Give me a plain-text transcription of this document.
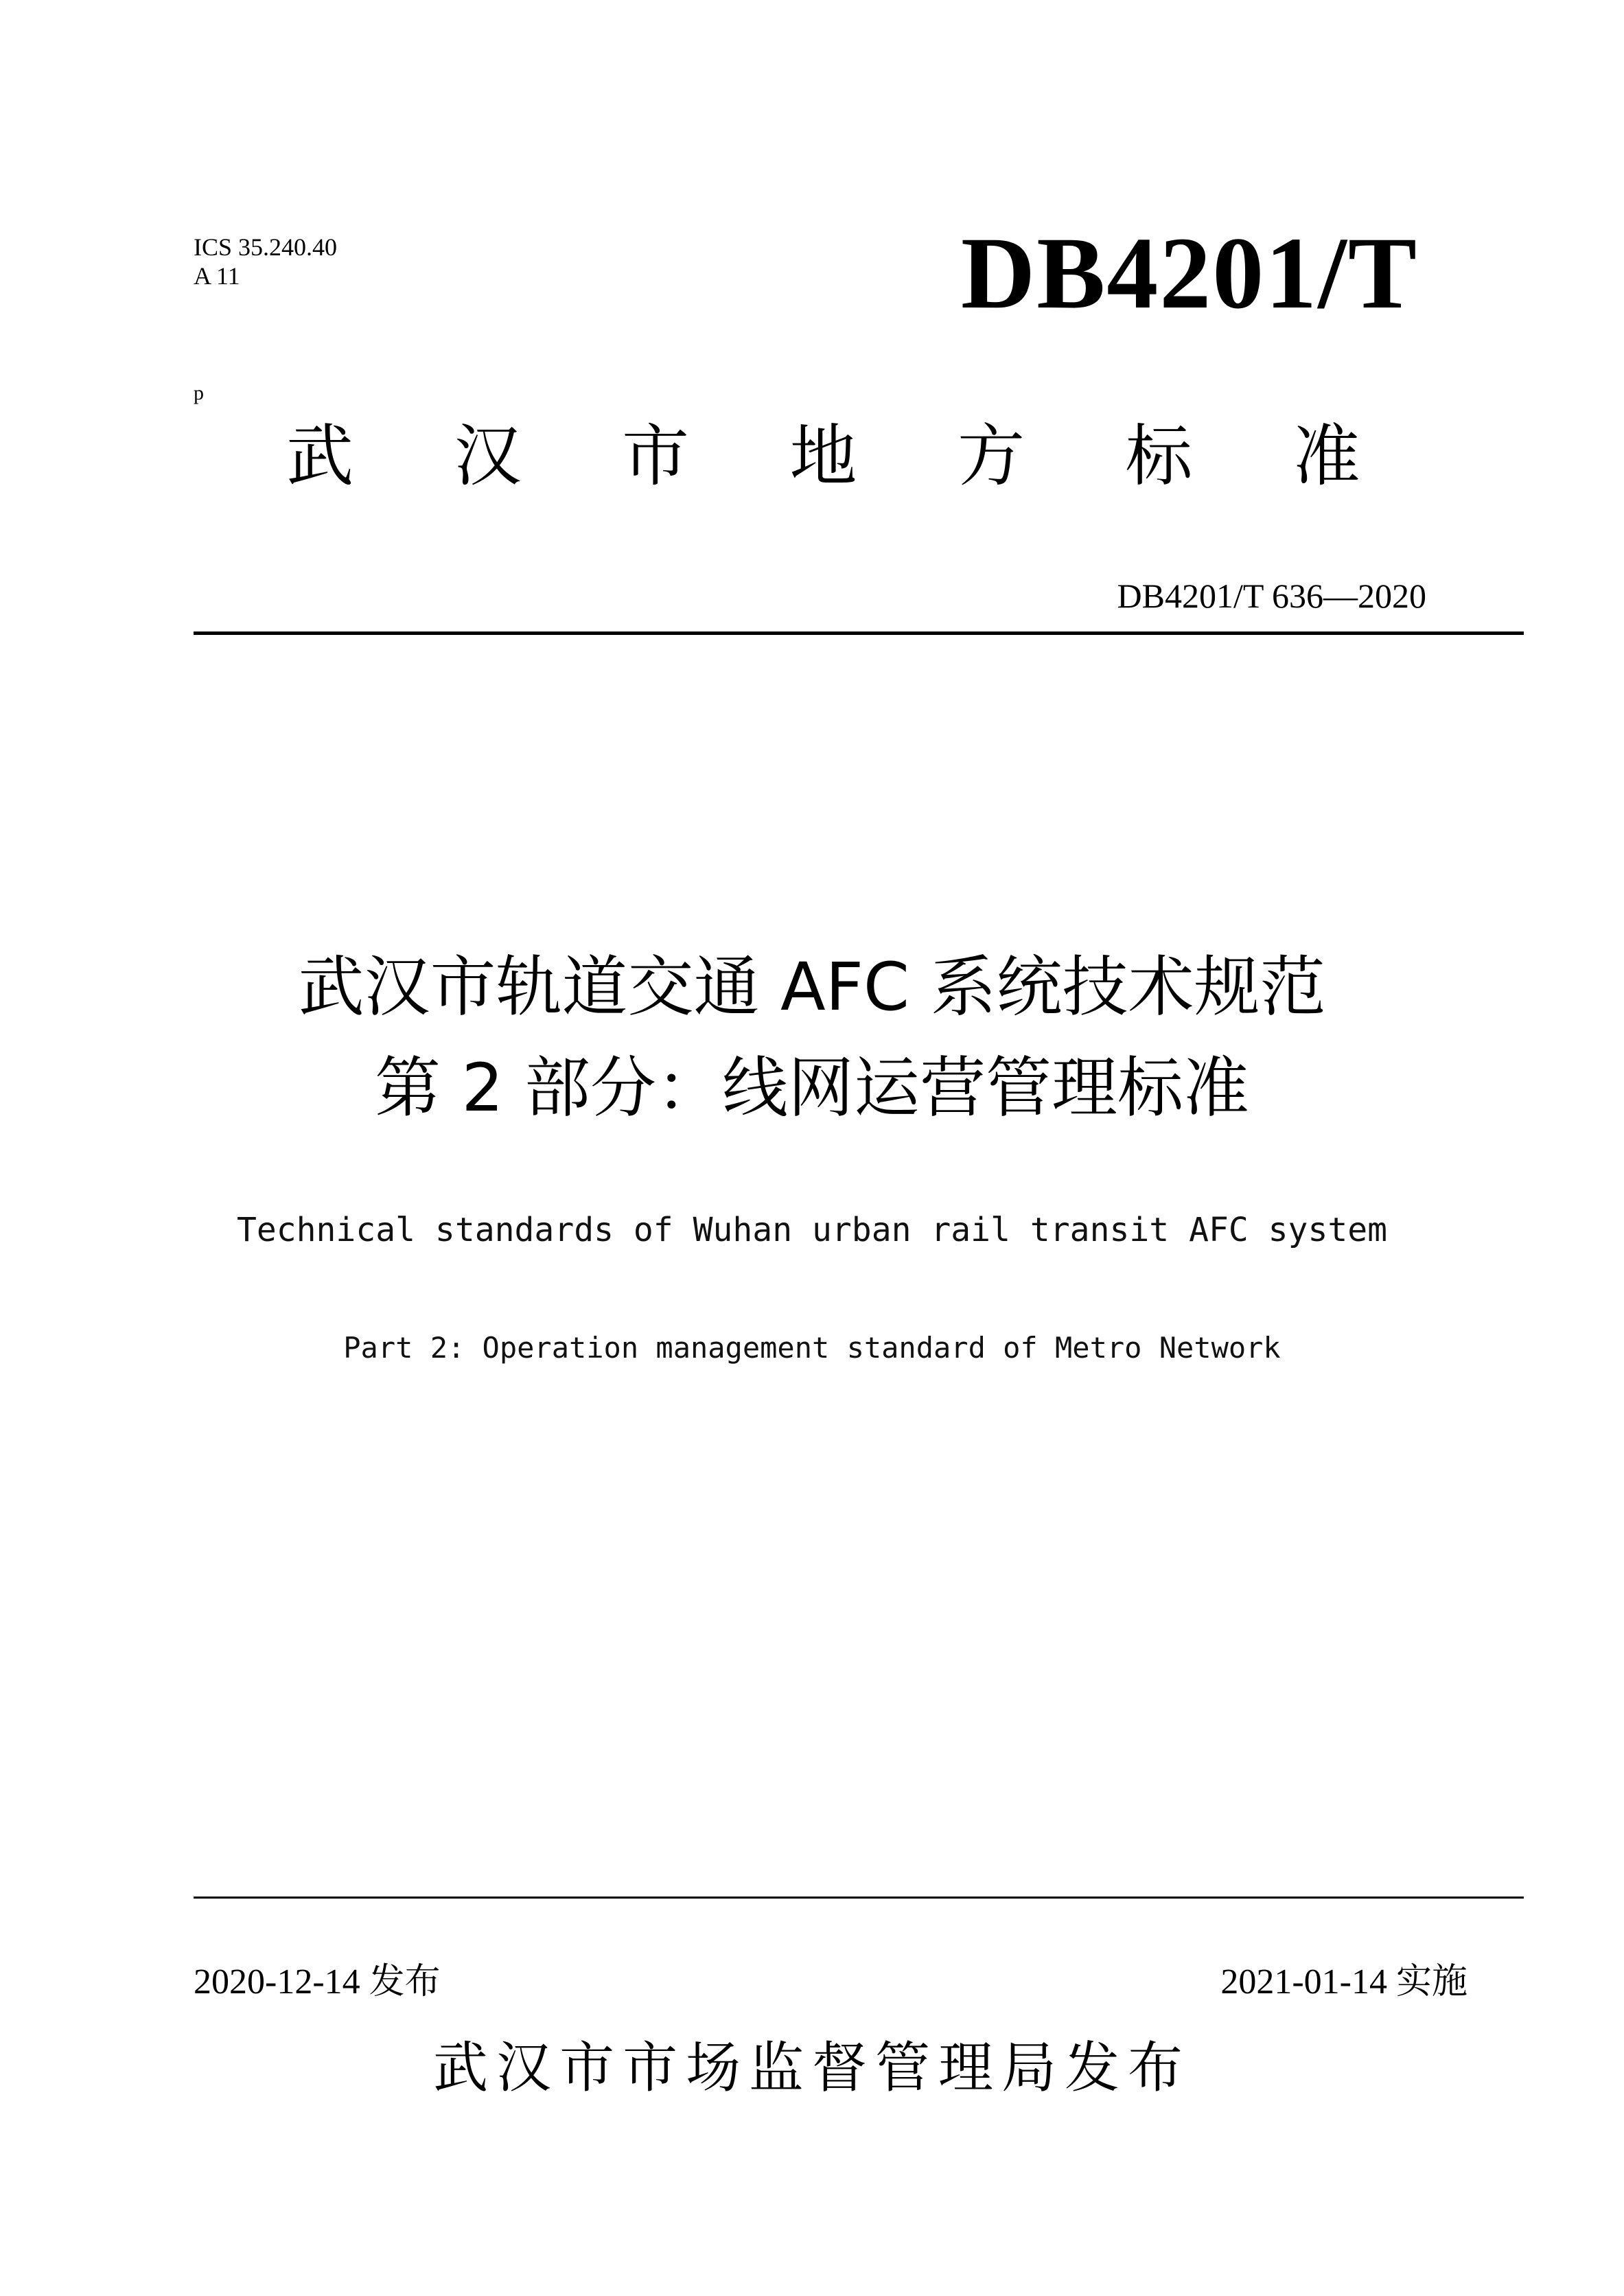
ICS 35.240.40
A 11	DB4201/T
p
武 汉 市 地 方 标 准
DB4201/T 636—2020
武汉市轨道交通 AFC 系统技术规范
第 2 部分：线网运营管理标准
Technical standards of Wuhan urban rail transit AFC system
Part 2: Operation management standard of Metro Network
2020-12-14 发布	2021-01-14 实施
武汉市市场监督管理局发布
